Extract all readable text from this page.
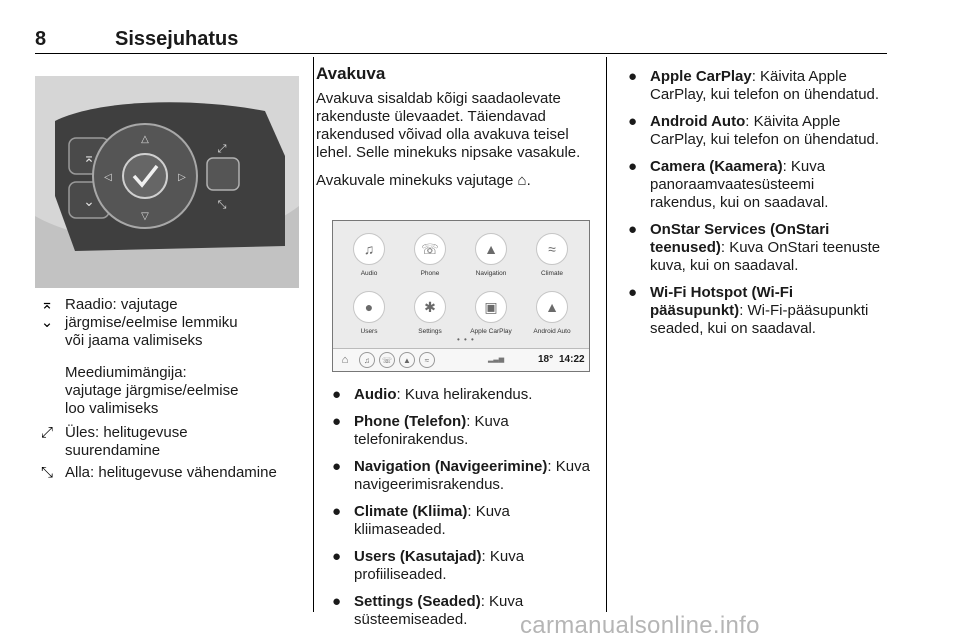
8	Sissejuhatus
⌅
⌄
△
▽
◁	▷
⤢
⤡
⌅ Raadio: vajutage
⌄ järgmise/eelmise lemmiku
või jaama valimiseks
Meediumimängija:
vajutage järgmise/eelmise
loo valimiseks
⤢ Üles: helitugevuse
suurendamine
⤡ Alla: helitugevuse vähendamine
Avakuva
Avakuva sisaldab kõigi saadaolevate rakenduste ülevaadet. Täiendavad rakendused võivad olla avakuva teisel lehel. Selle minekuks nipsake vasakule.
Avakuvale minekuks vajutage ⌂.
♫
Audio
☏
Phone
▲
Navigation
≈
Climate
●
Users
✱
Settings
▣
Apple CarPlay
▲
Android Auto
• • •
⌂	♫	☏	▲	≈	▂▃▅	18° 14:22
● Audio: Kuva helirakendus.
● Phone (Telefon): Kuva telefonirakendus.
● Navigation (Navigeerimine): Kuva navigeerimisrakendus.
● Climate (Kliima): Kuva kliimaseaded.
● Users (Kasutajad): Kuva profiiliseaded.
● Settings (Seaded): Kuva süsteemiseaded.
● Apple CarPlay: Käivita Apple CarPlay, kui telefon on ühendatud.
● Android Auto: Käivita Apple CarPlay, kui telefon on ühendatud.
● Camera (Kaamera): Kuva panoraamvaatesüsteemi rakendus, kui on saadaval.
● OnStar Services (OnStari teenused): Kuva OnStari teenuste kuva, kui on saadaval.
● Wi-Fi Hotspot (Wi-Fi pääsupunkt): Wi-Fi-pääsupunkti seaded, kui on saadaval.
carmanualsonline.info
